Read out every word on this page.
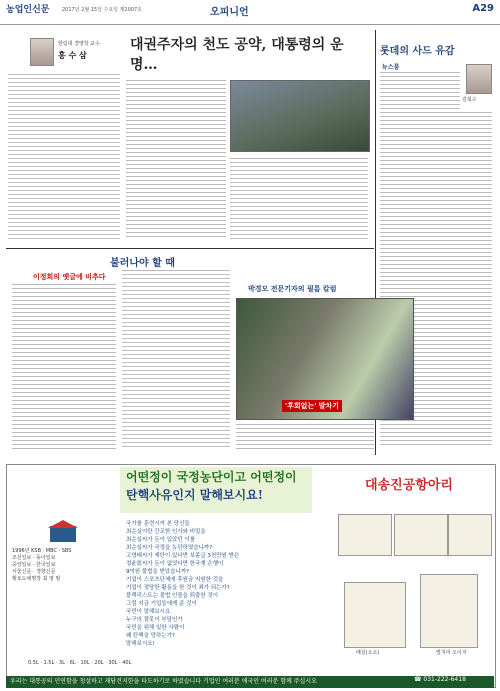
농업인신문	2017년 2월 15일 수요일 제2007호	오피니언	A29
한림대 경영학 교수
홍 수 삼
대권주자의 천도 공약, 대통령의 운명…
롯데의 사드 유감
뉴스룸
김희수
불러나야 할 때
이정희의 옛글에 비추다
박경모 전문기자의 필름 칼럼
'후회없는' 발차기
어떤정이 국정농단이고 어떤정이
탄핵사유인지 말해보시요!
대송진공항아리
1996년 KSB · MBC · SBS
조선일보 · 동아일보
중앙일보 · 한국일보
서울신문 · 경향신문
황토도예명장 최 영 범
국가를 훈련시켜 본 당신들
최순실이란 간교한 인사와 비밀을
최순실씨가 돈이 입았던 이를
최순실씨가 국정을 농단하였습니까?
고영태씨가 재단이 있다면 보좀급 3천만원 받은
정윤회씨가 돈이 없었다면 한국계 은행이
9억원 불법을 받았습니까?
기업이 스포츠단체에 후원금 지원한 것을
기업이 정당한 활동을 한 것이 죄가 되는가?
블랙리스트는 불법 인물을 퇴출한 것이
그럼 지금 기업들에게 준 것이
국민이 말해보시요
누구의 잘못이 부담인가
국민을 위해 일한 사람이
왜 탄핵을 당하는가?
말해보시요!
매실(오소)	벌지미 오이지
0.5L · 1.5L · 3L · 6L · 10L · 20L · 30L · 40L
우리는 대통공의 인연함을 청설하고 재담견지한을 타도하기로 하였습니다 기업인 여러분 애국인 여러분 함께 주십시요	☎ 031-222-6418
